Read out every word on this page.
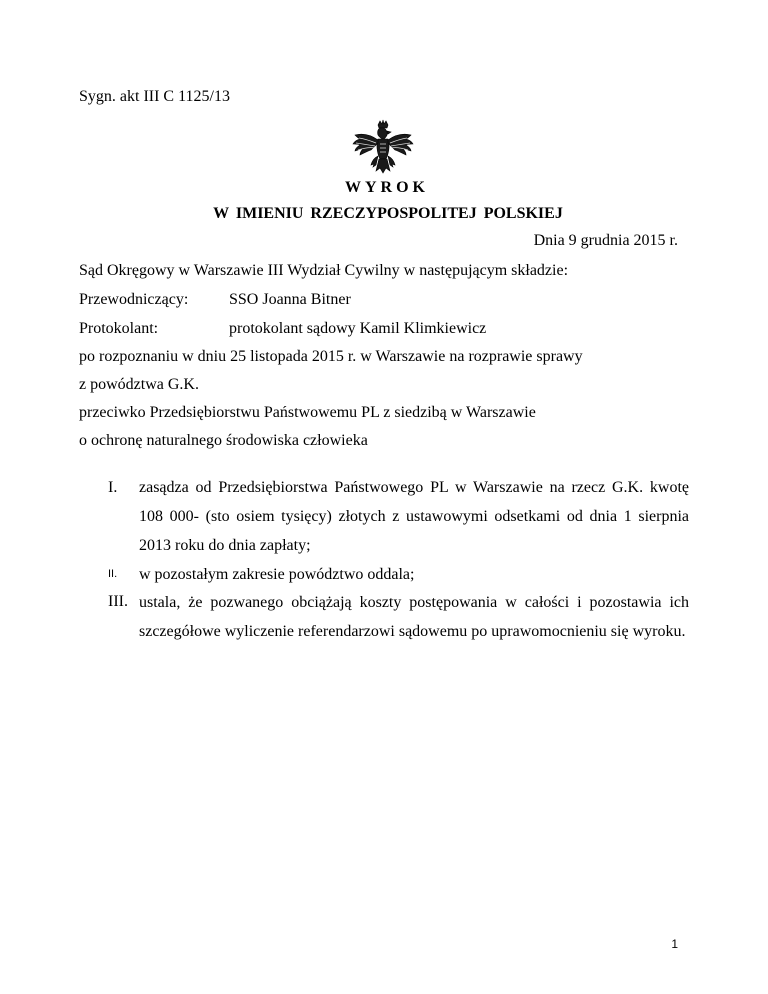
Sygn. akt III C 1125/13
WYROK
W IMIENIU RZECZYPOSPOLITEJ POLSKIEJ
Dnia 9 grudnia 2015 r.
Sąd Okręgowy w Warszawie III Wydział Cywilny w następującym składzie:
Przewodniczący:	SSO Joanna Bitner
Protokolant:	protokolant sądowy Kamil Klimkiewicz
po rozpoznaniu w dniu 25 listopada 2015 r. w Warszawie na rozprawie sprawy
z powództwa G.K.
przeciwko Przedsiębiorstwu Państwowemu PL z siedzibą w Warszawie
o ochronę naturalnego środowiska człowieka
I. zasądza od Przedsiębiorstwa Państwowego PL w Warszawie na rzecz G.K. kwotę 108 000- (sto osiem tysięcy) złotych z ustawowymi odsetkami od dnia 1 sierpnia 2013 roku do dnia zapłaty;
II. w pozostałym zakresie powództwo oddala;
III. ustala, że pozwanego obciążają koszty postępowania w całości i pozostawia ich szczegółowe wyliczenie referendarzowi sądowemu po uprawomocnieniu się wyroku.
1
